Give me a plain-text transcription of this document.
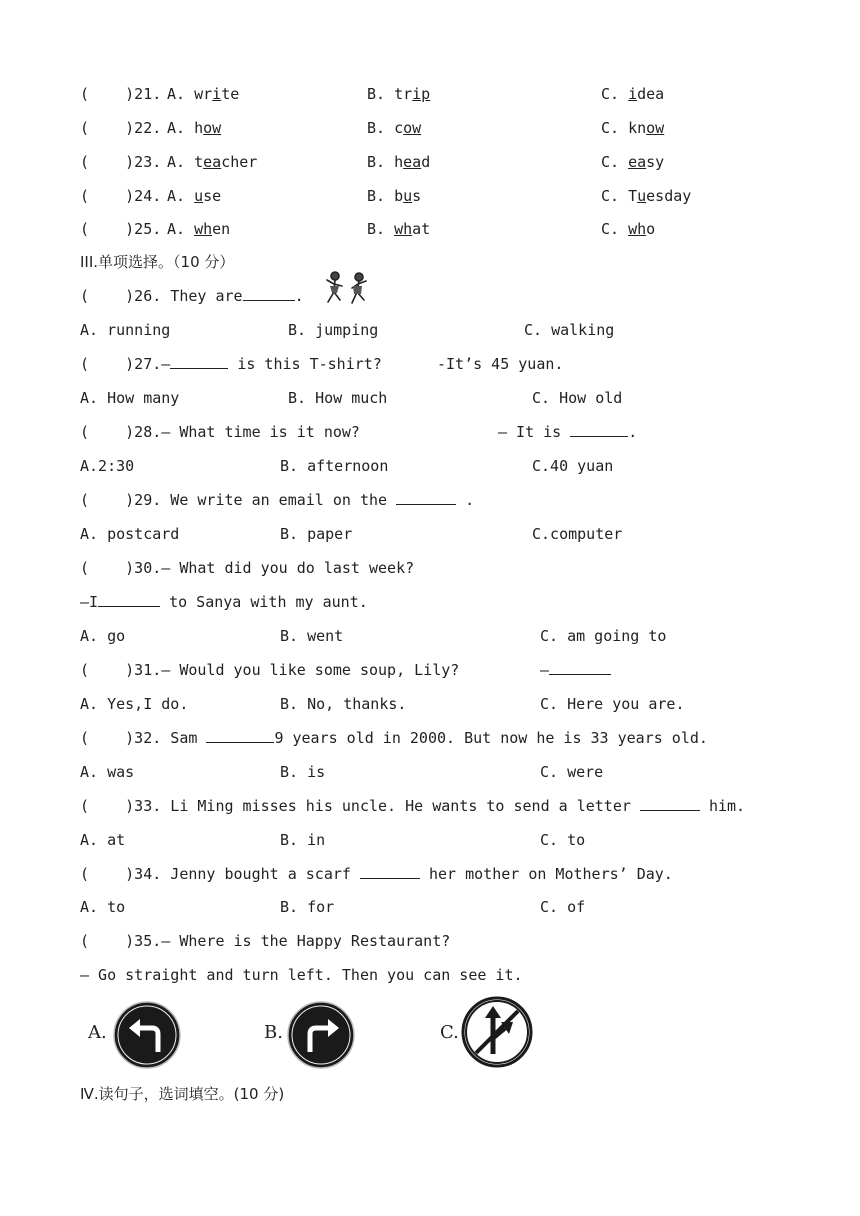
(    )21. A. write	B. trip	C. idea
(    )22. A. how	B. cow	C. know
(    )23. A. teacher	B. head	C. easy
(    )24. A. use	B. bus	C. Tuesday
(    )25. A. when	B. what	C. who
III.单项选择。（10 分）
(    )26. They are	.
A. running	B. jumping	C. walking
(    )27.—	is this T-shirt?	-It’s 45 yuan.
A. How many	B. How much	C. How old
(    )28.— What time is it now?	— It is	.
A.2:30	B. afternoon	C.40 yuan
(    )29. We write an email on the	.
A. postcard	B. paper	C.computer
(    )30.— What did you do last week?
—I	to Sanya with my aunt.
A. go	B. went	C. am going to
(    )31.— Would you like some soup, Lily?	—
A. Yes,I do.	B. No, thanks.	C. Here you are.
(    )32. Sam	9 years old in 2000. But now he is 33 years old.
A. was	B. is	C. were
(    )33. Li Ming misses his uncle. He wants to send a letter	him.
A. at	B. in	C. to
(    )34. Jenny bought a scarf	her mother on Mothers’ Day.
A. to	B. for	C. of
(    )35.— Where is the Happy Restaurant?
— Go straight and turn left. Then you can see it.
A.	B.	C.
Ⅳ.读句子，选词填空。(10 分)
